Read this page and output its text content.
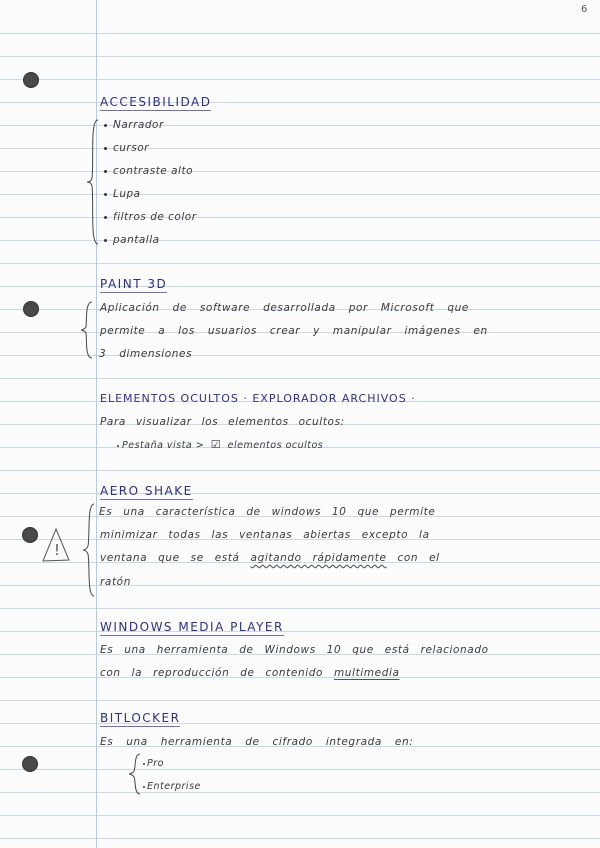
6
ACCESIBILIDAD
Narrador
cursor
contraste alto
Lupa
filtros de color
pantalla
PAINT 3D
Aplicación de software desarrollada por Microsoft que
permite a los usuarios crear y manipular imágenes en
3 dimensiones
ELEMENTOS OCULTOS · EXPLORADOR ARCHIVOS ·
Para visualizar los elementos ocultos:
Pestaña vista > ☑ elementos ocultos
AERO SHAKE
!
Es una característica de windows 10 que permite
minimizar todas las ventanas abiertas excepto la
ventana que se está agitando rápidamente con el
ratón
WINDOWS MEDIA PLAYER
Es una herramienta de Windows 10 que está relacionado
con la reproducción de contenido multimedia
BITLOCKER
Es una herramienta de cifrado integrada en:
Pro
Enterprise
